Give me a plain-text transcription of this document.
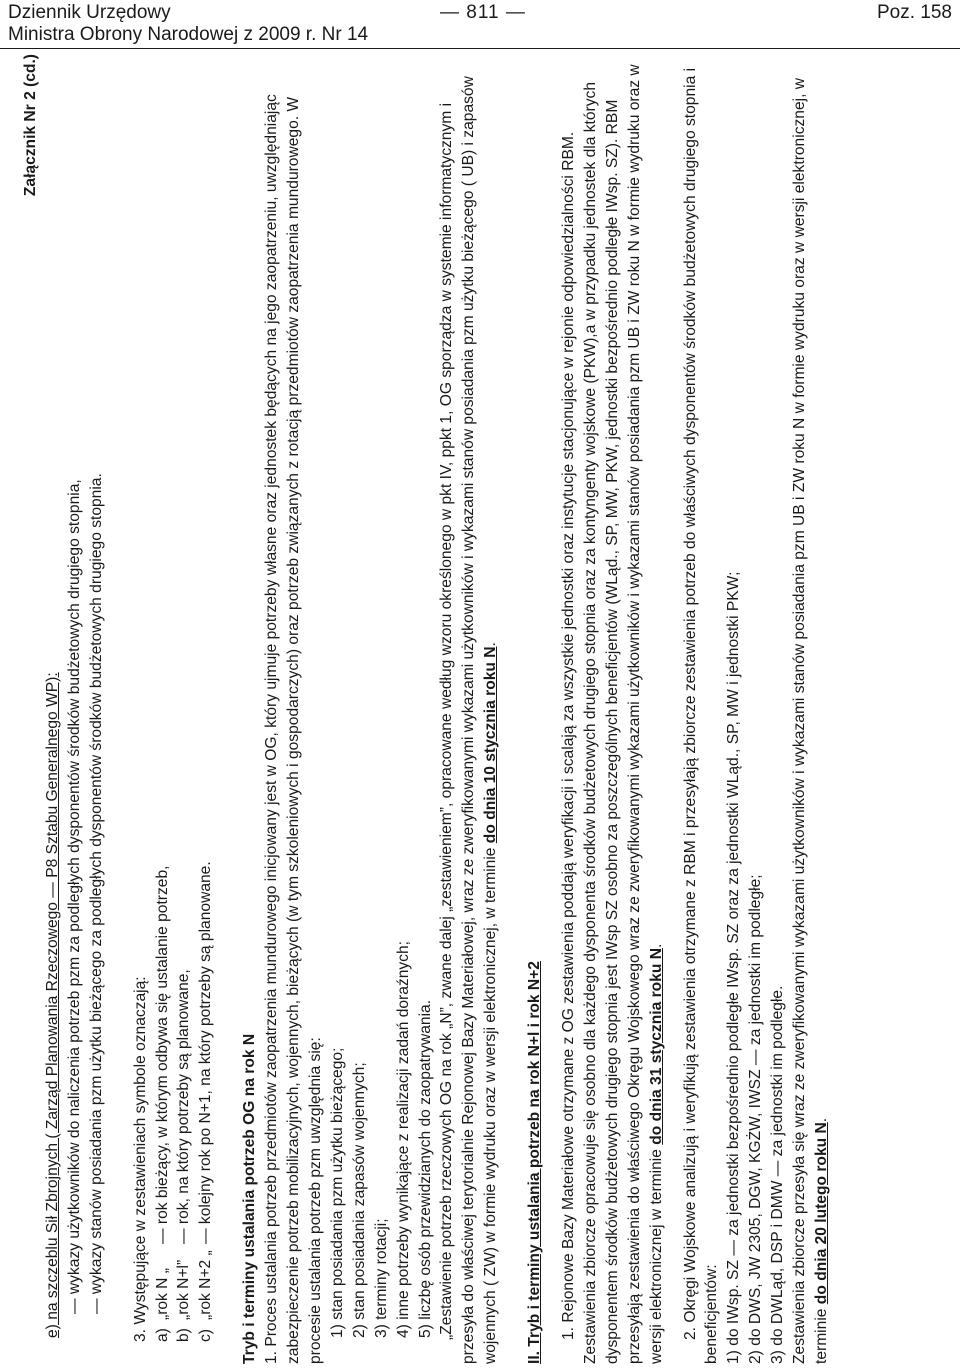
Dziennik Urzędowy
Ministra Obrony Narodowej z 2009 r. Nr 14
— 811 —	Poz. 158
Załącznik Nr 2 (cd.)

e) na szczeblu Sił Zbrojnych ( Zarząd Planowania Rzeczowego — P8 Sztabu Generalnego WP): — wykazy użytkowników do naliczenia potrzeb pzm za podległych dysponentów środków budżetowych drugiego stopnia, — wykazy stanów posiadania pzm użytku bieżącego za podległych dysponentów środków budżetowych drugiego stopnia. 3. Występujące w zestawieniach symbole oznaczają: a)„rok N „— rok bieżący, w którym odbywa się ustalanie potrzeb,

b)„rok N+l”— rok, na który potrzeby są planowane,

c)„rok N+2 „— kolejny rok po N+1, na który potrzeby są planowane. Tryb i terminy ustalania potrzeb OG na rok N 1. Proces ustalania potrzeb przedmiotów zaopatrzenia mundurowego inicjowany jest w OG, który ujmuje potrzeby własne oraz jednostek będących na jego zaopatrzeniu, uwzględniając zabezpieczenie potrzeb mobilizacyjnych, wojennych, bieżących (w tym szkoleniowych i gospodarczych) oraz potrzeb związanych z rotacją przedmiotów zaopatrzenia mundurowego. W procesie ustalania potrzeb pzm uwzględnia się: 1) stan posiadania pzm użytku bieżącego; 2) stan posiadania zapasów wojennych; 3) terminy rotacji; 4) inne potrzeby wynikające z realizacji zadań doraźnych; 5) liczbę osób przewidzianych do zaopatrywania. „Zestawienie potrzeb rzeczowych OG na rok „N”, zwane dalej „zestawieniem”, opracowane według wzoru określonego w pkt IV, ppkt 1, OG sporządza w systemie informatycznym i przesyła do właściwej terytorialnie Rejonowej Bazy Materiałowej, wraz ze zweryfikowanymi wykazami użytkowników i wykazami stanów posiadania pzm użytku bieżącego ( UB) i zapasów wojennych ( ZW) w formie wydruku oraz w wersji elektronicznej, w terminie do dnia 10 stycznia roku N.

II. Tryb i terminy ustalania potrzeb na rok N+l i rok N+2 1. Rejonowe Bazy Materiałowe otrzymane z OG zestawienia poddają weryfikacji i scalają za wszystkie jednostki oraz instytucje stacjonujące w rejonie odpowiedzialności RBM. Zestawienia zbiorcze opracowuje się osobno dla każdego dysponenta środków budżetowych drugiego stopnia oraz za kontyngenty wojskowe (PKW),a w przypadku jednostek dla których dysponentem środków budżetowych drugiego stopnia jest IWsp SZ osobno za poszczególnych beneficjentów (WLąd., SP, MW, PKW, jednostki bezpośrednio podległe IWsp. SZ). RBM przesyłają zestawienia do właściwego Okręgu Wojskowego wraz ze zweryfikowanymi wykazami użytkowników i wykazami stanów posiadania pzm UB i ZW roku N w formie wydruku oraz w wersji elektronicznej w terminie do dnia 31 stycznia roku N. 2. Okręgi Wojskowe analizują i weryfikują zestawienia otrzymane z RBM i przesyłają zbiorcze zestawienia potrzeb do właściwych dysponentów środków budżetowych drugiego stopnia i beneficjentów: 1) do IWsp. SZ — za jednostki bezpośrednio podległe IWsp. SZ oraz za jednostki WLąd., SP, MW i jednostki PKW; 2) do DWS, JW 2305, DGW, KGŻW, IWSZ — za jednostki im podległe; 3) do DWLąd, DSP i DMW — za jednostki im podległe. Zestawienia zbiorcze przesyła się wraz ze zweryfikowanymi wykazami użytkowników i wykazami stanów posiadania pzm UB i ZW roku N w formie wydruku oraz w wersji elektronicznej, w terminie do dnia 20 lutego roku N.
